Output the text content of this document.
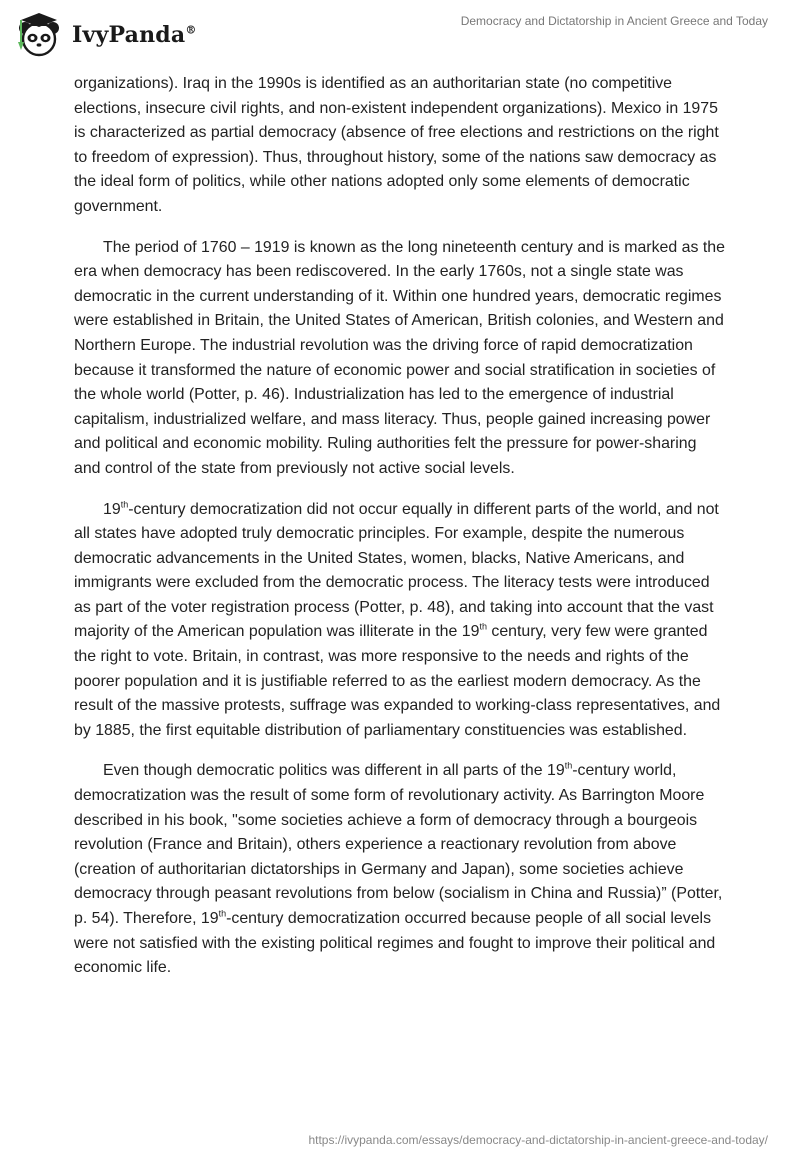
IvyPanda®
Democracy and Dictatorship in Ancient Greece and Today

organizations). Iraq in the 1990s is identified as an authoritarian state (no competitive elections, insecure civil rights, and non-existent independent organizations). Mexico in 1975 is characterized as partial democracy (absence of free elections and restrictions on the right to freedom of expression). Thus, throughout history, some of the nations saw democracy as the ideal form of politics, while other nations adopted only some elements of democratic government.

The period of 1760 – 1919 is known as the long nineteenth century and is marked as the era when democracy has been rediscovered. In the early 1760s, not a single state was democratic in the current understanding of it. Within one hundred years, democratic regimes were established in Britain, the United States of American, British colonies, and Western and Northern Europe. The industrial revolution was the driving force of rapid democratization because it transformed the nature of economic power and social stratification in societies of the whole world (Potter, p. 46). Industrialization has led to the emergence of industrial capitalism, industrialized welfare, and mass literacy. Thus, people gained increasing power and political and economic mobility. Ruling authorities felt the pressure for power-sharing and control of the state from previously not active social levels.

19th-century democratization did not occur equally in different parts of the world, and not all states have adopted truly democratic principles. For example, despite the numerous democratic advancements in the United States, women, blacks, Native Americans, and immigrants were excluded from the democratic process. The literacy tests were introduced as part of the voter registration process (Potter, p. 48), and taking into account that the vast majority of the American population was illiterate in the 19th century, very few were granted the right to vote. Britain, in contrast, was more responsive to the needs and rights of the poorer population and it is justifiable referred to as the earliest modern democracy. As the result of the massive protests, suffrage was expanded to working-class representatives, and by 1885, the first equitable distribution of parliamentary constituencies was established.

Even though democratic politics was different in all parts of the 19th-century world, democratization was the result of some form of revolutionary activity. As Barrington Moore described in his book, "some societies achieve a form of democracy through a bourgeois revolution (France and Britain), others experience a reactionary revolution from above (creation of authoritarian dictatorships in Germany and Japan), some societies achieve democracy through peasant revolutions from below (socialism in China and Russia)” (Potter, p. 54). Therefore, 19th-century democratization occurred because people of all social levels were not satisfied with the existing political regimes and fought to improve their political and economic life.

https://ivypanda.com/essays/democracy-and-dictatorship-in-ancient-greece-and-today/
